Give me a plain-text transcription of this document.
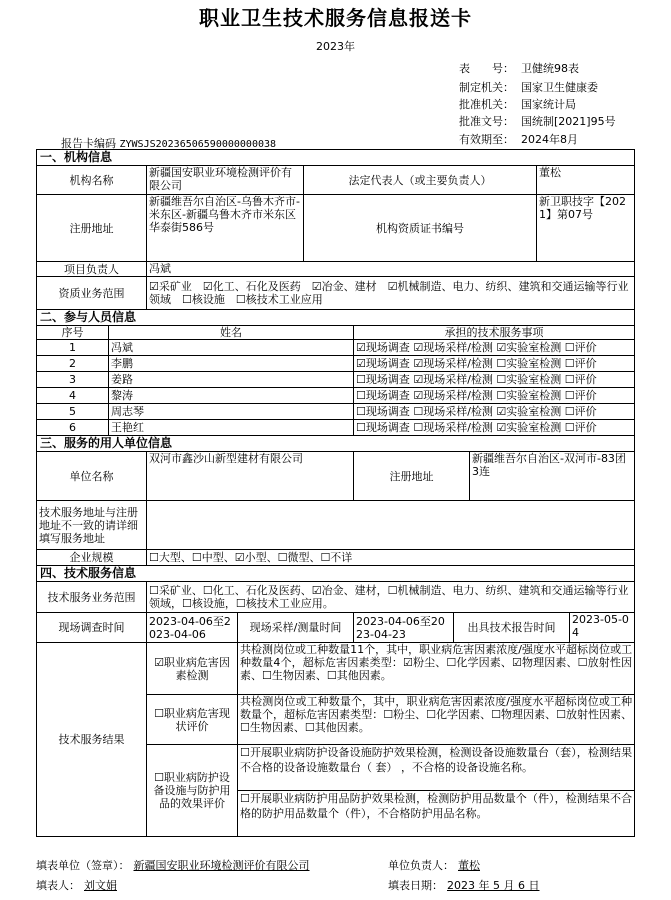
职业卫生技术服务信息报送卡
2023年
表　　号： 卫健统98表
制定机关： 国家卫生健康委
批准机关： 国家统计局
批准文号： 国统制[2021]95号
有效期至： 2024年8月
报告卡编码 ZYWSJS20236506590000000038
一、机构信息									
机构名称		新疆国安职业环境检测评价有限公司		法定代表人（或主要负责人）				董松	
注册地址		新疆维吾尔自治区-乌鲁木齐市-米东区-新疆乌鲁木齐市米东区华泰街586号		机构资质证书编号				新卫职技字【2021】第07号	
项目负责人		冯斌							
资质业务范围		☑采矿业　☑化工、石化及医药　☑冶金、建材　☑机械制造、电力、纺织、建筑和交通运输等行业领域　☐核设施　☐核技术工业应用							
二、参与人员信息									
序号	姓名				承担的技术服务事项				
1	冯斌				☑现场调查 ☑现场采样/检测 ☑实验室检测 ☐评价				
2	李鹏				☑现场调查 ☑现场采样/检测 ☐实验室检测 ☐评价				
3	姜路				☐现场调查 ☑现场采样/检测 ☐实验室检测 ☐评价				
4	黎涛				☐现场调查 ☑现场采样/检测 ☐实验室检测 ☐评价				
5	周志琴				☐现场调查 ☐现场采样/检测 ☑实验室检测 ☐评价				
6	王艳红				☐现场调查 ☐现场采样/检测 ☑实验室检测 ☐评价				
三、服务的用人单位信息									
单位名称		双河市鑫沙山新型建材有限公司			注册地址		新疆维吾尔自治区-双河市-83团3连		
技术服务地址与注册地址不一致的请详细填写服务地址									
企业规模		☐大型、☐中型、☑小型、☐微型、☐不详							
四、技术服务信息									
技术服务业务范围		☐采矿业、☐化工、石化及医药、☑冶金、建材，☐机械制造、电力、纺织、建筑和交通运输等行业领域，☐核设施，☐核技术工业应用。							
现场调查时间		2023-04-06至2023-04-06	现场采样/测量时间		2023-04-06至2023-04-23	出具技术报告时间			2023-05-04
技术服务结果		☑职业病危害因素检测	共检测岗位或工种数量11个，其中，职业病危害因素浓度/强度水平超标岗位或工种数量4个，超标危害因素类型：☑粉尘、☐化学因素、☑物理因素、☐放射性因素、☐生物因素、☐其他因素。						
		☐职业病危害现状评价	共检测岗位或工种数量个，其中，职业病危害因素浓度/强度水平超标岗位或工种数量个，超标危害因素类型：☐粉尘、☐化学因素、☐物理因素、☐放射性因素、☐生物因素、☐其他因素。						
		☐职业病防护设备设施与防护用品的效果评价	☐开展职业病防护设备设施防护效果检测，检测设备设施数量台（套），检测结果不合格的设备设施数量台（ 套） ，不合格的设备设施名称。						
			☐开展职业病防护用品防护效果检测，检测防护用品数量个（件），检测结果不合格的防护用品数量个（件），不合格防护用品名称。						
填表单位（签章）： 新疆国安职业环境检测评价有限公司	单位负责人： 董松
填表人： 刘文娟	填表日期： 2023 年 5 月 6 日
